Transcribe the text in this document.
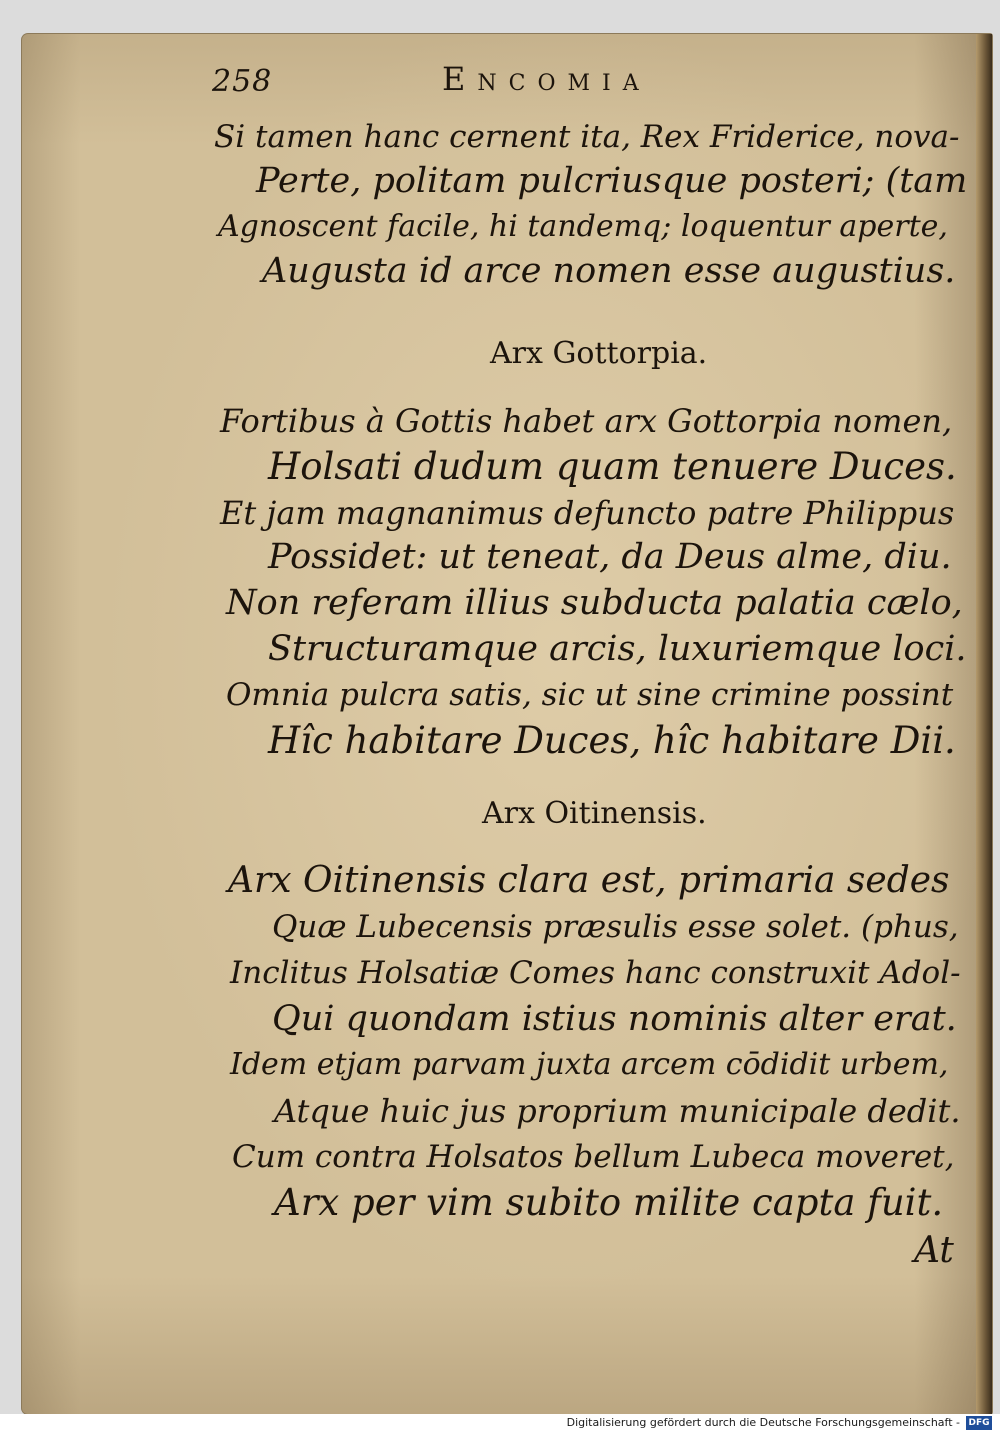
258	Encomia
Si tamen hanc cernent ita, Rex Friderice, nova-
Perte, politam pulcriusque posteri; (tam
Agnoscent facile, hi tandemq; loquentur aperte,
Augusta id arce nomen esse augustius.
Arx Gottorpia.
Fortibus à Gottis habet arx Gottorpia nomen,
Holsati dudum quam tenuere Duces.
Et jam magnanimus defuncto patre Philippus
Possidet: ut teneat, da Deus alme, diu.
Non referam illius subducta palatia cælo,
Structuramque arcis, luxuriemque loci.
Omnia pulcra satis, sic ut sine crimine possint
Hîc habitare Duces, hîc habitare Dii.
Arx Oitinensis.
Arx Oitinensis clara est, primaria sedes
Quæ Lubecensis præsulis esse solet. (phus,
Inclitus Holsatiæ Comes hanc construxit Adol-
Qui quondam istius nominis alter erat.
Idem etjam parvam juxta arcem cōdidit urbem,
Atque huic jus proprium municipale dedit.
Cum contra Holsatos bellum Lubeca moveret,
Arx per vim subito milite capta fuit.
At
Digitalisierung gefördert durch die Deutsche Forschungsgemeinschaft - DFG
